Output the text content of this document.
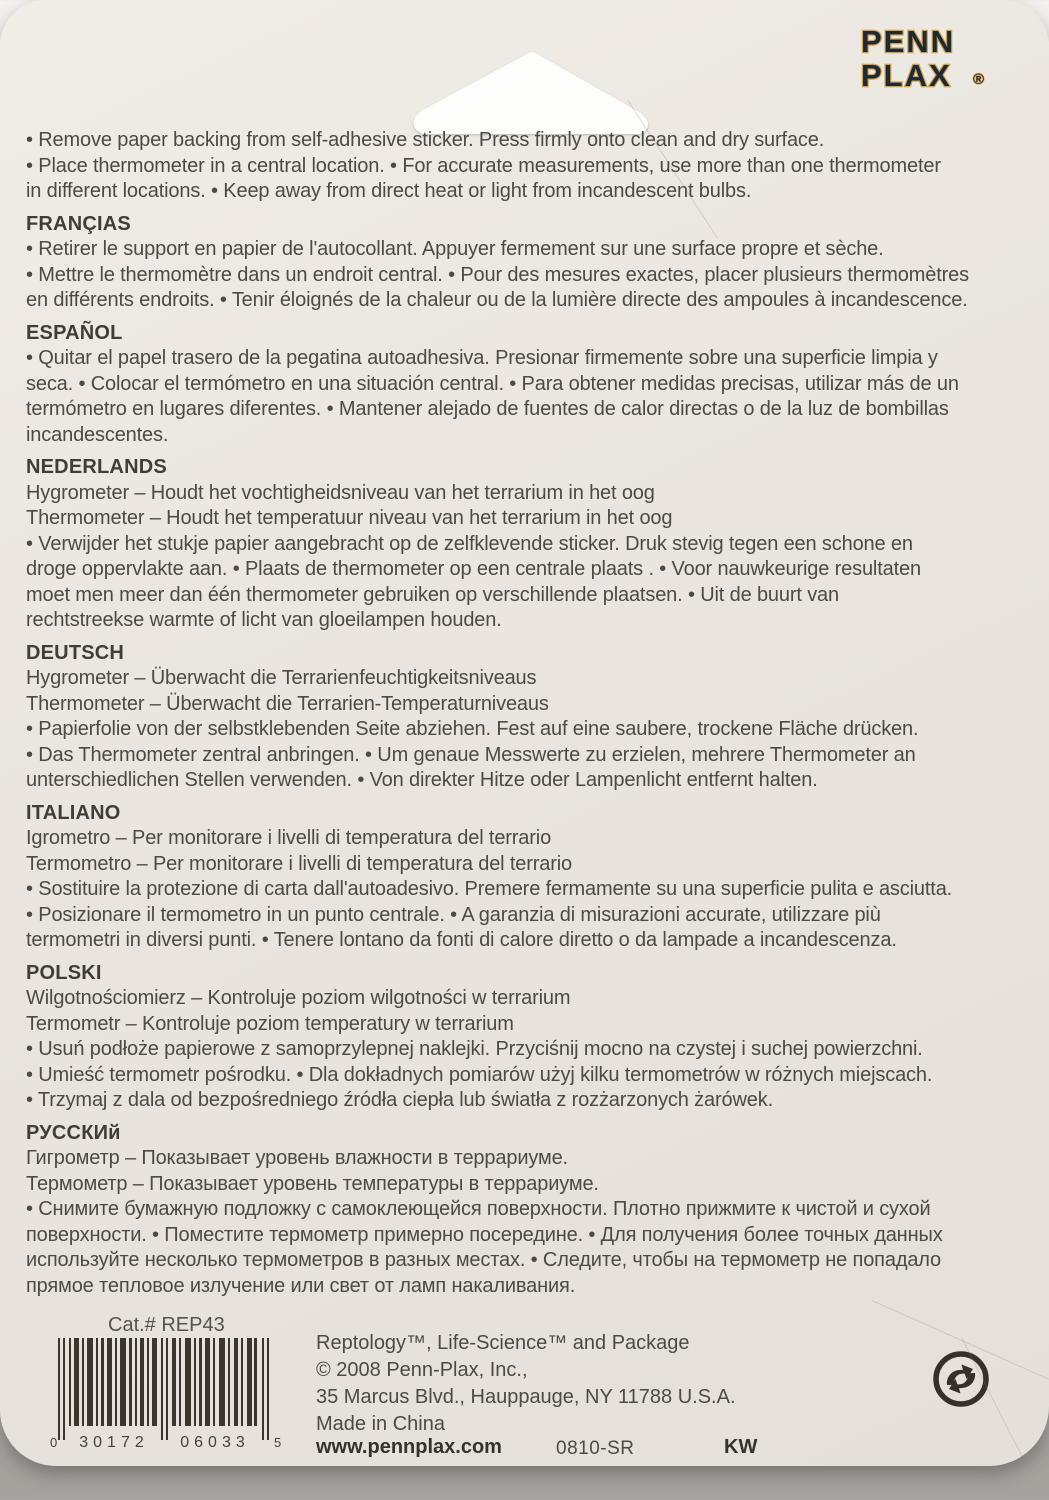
PENN
PLAX ®
• Remove paper backing from self-adhesive sticker. Press firmly onto clean and dry surface.
• Place thermometer in a central location. • For accurate measurements, use more than one thermometer
in different locations. • Keep away from direct heat or light from incandescent bulbs.
FRANÇIAS
• Retirer le support en papier de l'autocollant. Appuyer fermement sur une surface propre et sèche.
• Mettre le thermomètre dans un endroit central. • Pour des mesures exactes, placer plusieurs thermomètres
en différents endroits. • Tenir éloignés de la chaleur ou de la lumière directe des ampoules à incandescence.
ESPAÑOL
• Quitar el papel trasero de la pegatina autoadhesiva. Presionar firmemente sobre una superficie limpia y
seca. • Colocar el termómetro en una situación central. • Para obtener medidas precisas, utilizar más de un
termómetro en lugares diferentes. • Mantener alejado de fuentes de calor directas o de la luz de bombillas
incandescentes.
NEDERLANDS
Hygrometer – Houdt het vochtigheidsniveau van het terrarium in het oog
Thermometer – Houdt het temperatuur niveau van het terrarium in het oog
• Verwijder het stukje papier aangebracht op de zelfklevende sticker. Druk stevig tegen een schone en
droge oppervlakte aan. • Plaats de thermometer op een centrale plaats . • Voor nauwkeurige resultaten
moet men meer dan één thermometer gebruiken op verschillende plaatsen. • Uit de buurt van
rechtstreekse warmte of licht van gloeilampen houden.
DEUTSCH
Hygrometer – Überwacht die Terrarienfeuchtigkeitsniveaus
Thermometer – Überwacht die Terrarien-Temperaturniveaus
• Papierfolie von der selbstklebenden Seite abziehen. Fest auf eine saubere, trockene Fläche drücken.
• Das Thermometer zentral anbringen. • Um genaue Messwerte zu erzielen, mehrere Thermometer an
unterschiedlichen Stellen verwenden. • Von direkter Hitze oder Lampenlicht entfernt halten.
ITALIANO
Igrometro – Per monitorare i livelli di temperatura del terrario
Termometro – Per monitorare i livelli di temperatura del terrario
• Sostituire la protezione di carta dall'autoadesivo. Premere fermamente su una superficie pulita e asciutta.
• Posizionare il termometro in un punto centrale. • A garanzia di misurazioni accurate, utilizzare più
termometri in diversi punti. • Tenere lontano da fonti di calore diretto o da lampade a incandescenza.
POLSKI
Wilgotnościomierz – Kontroluje poziom wilgotności w terrarium
Termometr – Kontroluje poziom temperatury w terrarium
• Usuń podłoże papierowe z samoprzylepnej naklejki. Przyciśnij mocno na czystej i suchej powierzchni.
• Umieść termometr pośrodku. • Dla dokładnych pomiarów użyj kilku termometrów w różnych miejscach.
• Trzymaj z dala od bezpośredniego źródła ciepła lub światła z rozżarzonych żarówek.
РУССКИй
Гигрометр – Показывает уровень влажности в террариуме.
Термометр – Показывает уровень температуры в террариуме.
• Снимите бумажную подложку с самоклеющейся поверхности. Плотно прижмите к чистой и сухой
поверхности. • Поместите термометр примерно посередине. • Для получения более точных данных
используйте несколько термометров в разных местах. • Следите, чтобы на термометр не попадало
прямое тепловое излучение или свет от ламп накаливания.
Cat.# REP43
0 30172 06033 5
Reptology™, Life-Science™ and Package
© 2008 Penn-Plax, Inc.,
35 Marcus Blvd., Hauppauge, NY 11788 U.S.A.
Made in China
www.pennplax.com	0810-SR	KW
